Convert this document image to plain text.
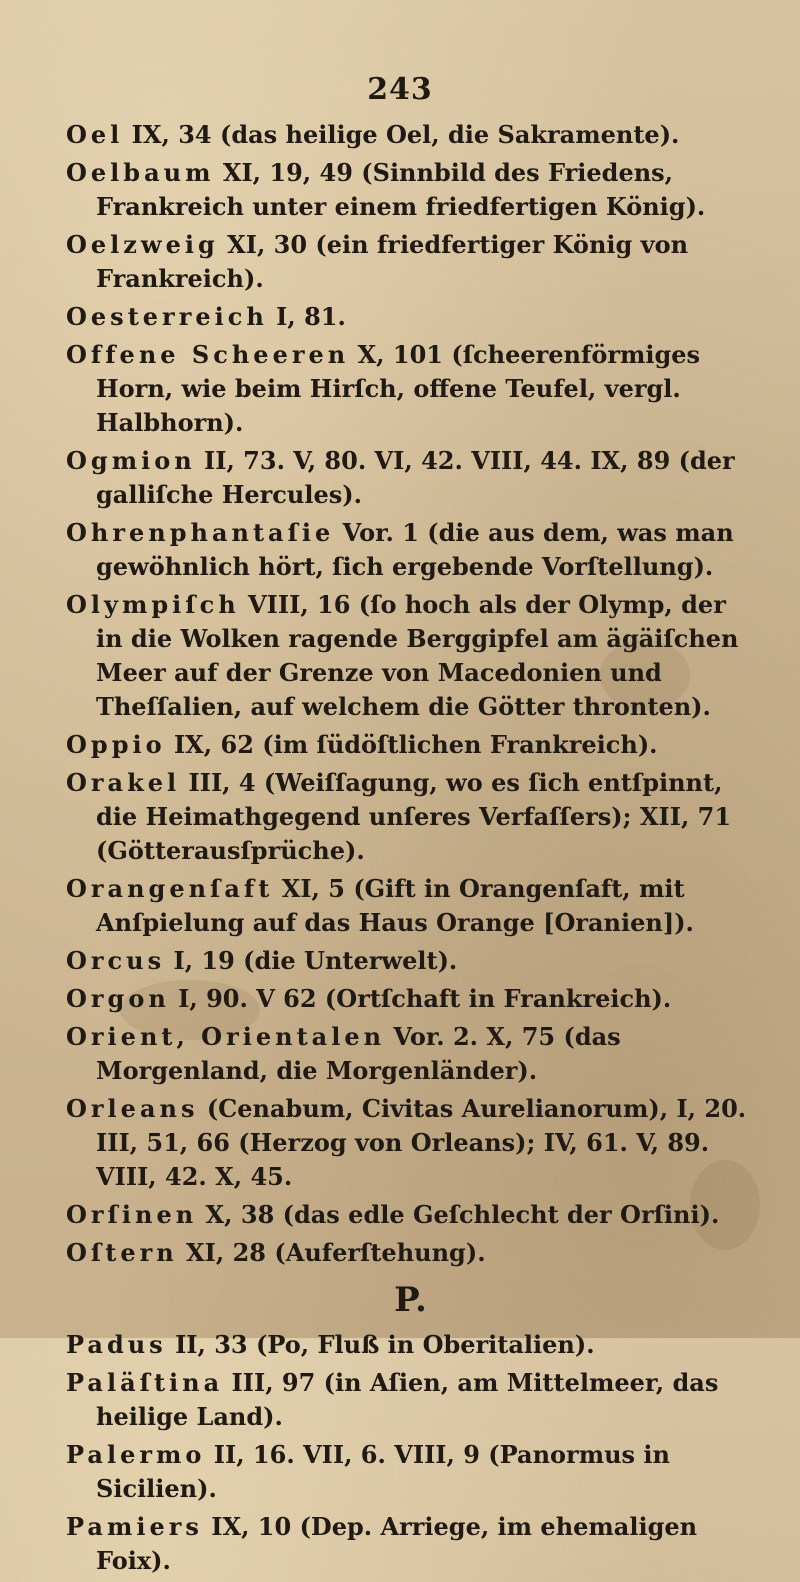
243

Oel IX, 34 (das heilige Oel, die Sakramente).

Oelbaum XI, 19, 49 (Sinnbild des Friedens, Frankreich unter einem friedfertigen König).

Oelzweig XI, 30 (ein friedfertiger König von Frankreich).

Oesterreich I, 81.

Offene Scheeren X, 101 (ſcheerenförmiges Horn, wie beim Hirſch, offene Teufel, vergl. Halbhorn).

Ogmion II, 73. V, 80. VI, 42. VIII, 44. IX, 89 (der galliſche Hercules).

Ohrenphantaſie Vor. 1 (die aus dem, was man gewöhnlich hört, ſich ergebende Vorſtellung).

Olympiſch VIII, 16 (ſo hoch als der Olymp, der in die Wolken ragende Berggipfel am ägäiſchen Meer auf der Grenze von Macedonien und Theſſalien, auf welchem die Götter thronten).

Oppio IX, 62 (im ſüdöſtlichen Frankreich).

Orakel III, 4 (Weiſſagung, wo es ſich entſpinnt, die Heimathgegend unſeres Verfaſſers); XII, 71 (Götterausſprüche).

Orangenſaft XI, 5 (Gift in Orangenſaft, mit Anſpielung auf das Haus Orange [Oranien]).

Orcus I, 19 (die Unterwelt).

Orgon I, 90. V 62 (Ortſchaft in Frankreich).

Orient, Orientalen Vor. 2. X, 75 (das Morgenland, die Morgenländer).

Orleans (Cenabum, Civitas Aurelianorum), I, 20. III, 51, 66 (Herzog von Orleans); IV, 61. V, 89. VIII, 42. X, 45.

Orſinen X, 38 (das edle Geſchlecht der Orſini).

Oſtern XI, 28 (Auferſtehung).

P.

Padus II, 33 (Po, Fluß in Oberitalien).

Paläſtina III, 97 (in Aſien, am Mittelmeer, das heilige Land).

Palermo II, 16. VII, 6. VIII, 9 (Panormus in Sicilien).

Pamiers IX, 10 (Dep. Arriege, im ehemaligen Foix).
